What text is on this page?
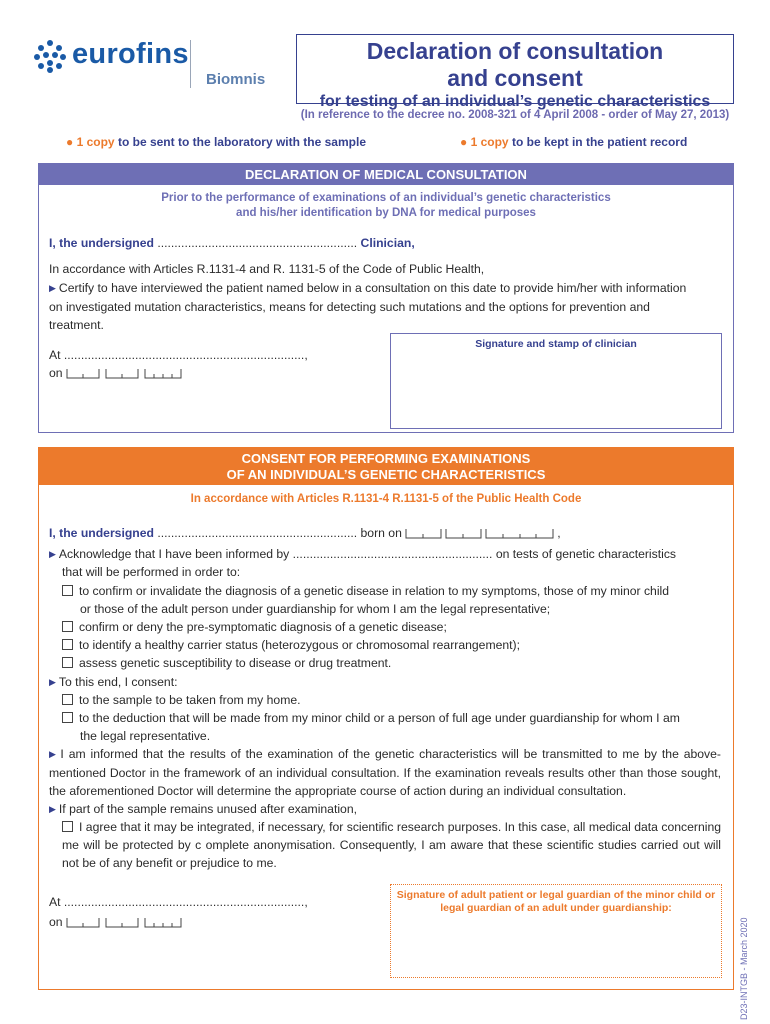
eurofins
Biomnis
Declaration of consultation
and consent
for testing of an individual’s genetic characteristics
(In reference to the decree no. 2008-321 of 4 April 2008 - order of May 27, 2013)
● 1 copy to be sent to the laboratory with the sample	● 1 copy to be kept in the patient record
DECLARATION OF MEDICAL CONSULTATION
Prior to the performance of examinations of an individual’s genetic characteristics
and his/her identification by DNA for medical purposes
I, the undersigned ........................................................... Clinician,
In accordance with Articles R.1131-4 and R. 1131-5 of the Code of Public Health,
▶ Certify to have interviewed the patient named below in a consultation on this date to provide him/her with information on investigated mutation characteristics, means for detecting such mutations and the options for prevention and treatment.
At .......................................................................,
on
Signature and stamp of clinician
CONSENT FOR PERFORMING EXAMINATIONS
OF AN INDIVIDUAL’S GENETIC CHARACTERISTICS
In accordance with Articles R.1131-4 R.1131-5 of the Public Health Code
I, the undersigned ........................................................... born on	,
▶ Acknowledge that I have been informed by ........................................................... on tests of genetic characteristics
that will be performed in order to:
to confirm or invalidate the diagnosis of a genetic disease in relation to my symptoms, those of my minor child
or those of the adult person under guardianship for whom I am the legal representative;
confirm or deny the pre-symptomatic diagnosis of a genetic disease;
to identify a healthy carrier status (heterozygous or chromosomal rearrangement);
assess genetic susceptibility to disease or drug treatment.
▶ To this end, I consent:
to the sample to be taken from my home.
to the deduction that will be made from my minor child or a person of full age under guardianship for whom I am
the legal representative.
▶ I am informed that the results of the examination of the genetic characteristics will be transmitted to me by the above-mentioned Doctor in the framework of an individual consultation. If the examination reveals results other than those sought, the aforementioned Doctor will determine the appropriate course of action during an individual consultation.
▶ If part of the sample remains unused after examination,
I agree that it may be integrated, if necessary, for scientific research purposes. In this case, all medical data concerning me will be protected by c omplete anonymisation. Consequently, I am aware that these scientific studies carried out will not be of any benefit or prejudice to me.
At .......................................................................,
on
Signature of adult patient or legal guardian of the minor child or legal guardian of an adult under guardianship:
D23-INTGB - March 2020
